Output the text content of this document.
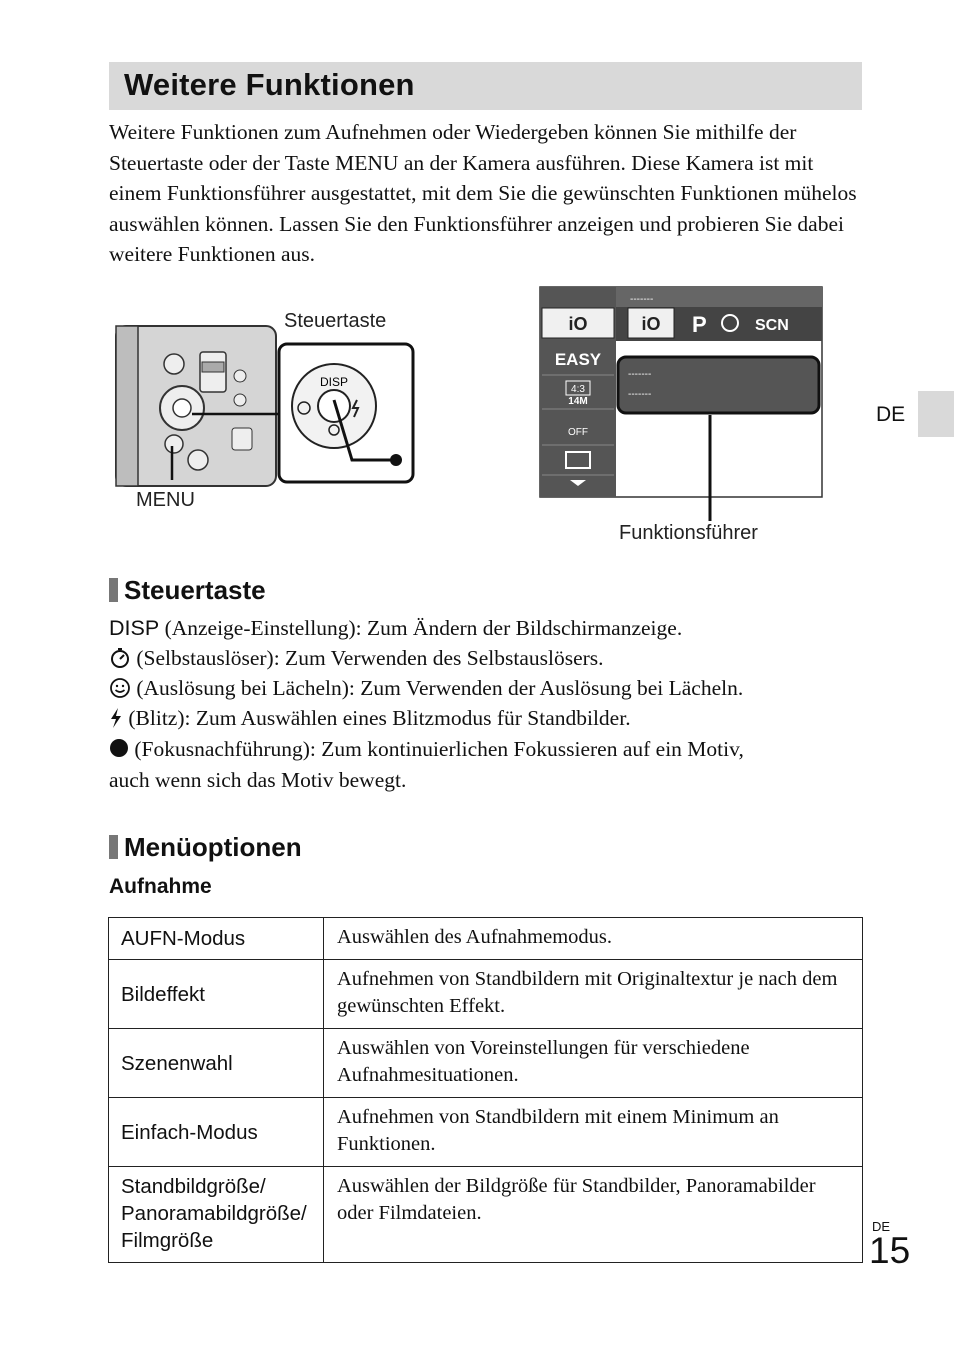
Weitere Funktionen

Weitere Funktionen zum Aufnehmen oder Wiedergeben können Sie mithilfe der Steuertaste oder der Taste MENU an der Kamera ausführen. Diese Kamera ist mit einem Funktionsführer ausgestattet, mit dem Sie die gewünschten Funktionen mühelos auswählen können. Lassen Sie den Funktionsführer anzeigen und probieren Sie dabei weitere Funktionen aus.

DE
DISP
Steuertaste
MENU
iO	iO P	SCN
-------
-------
EASY
4:3
14M
OFF
-------
-------
Funktionsführer
Steuertaste
DISP (Anzeige-Einstellung): Zum Ändern der Bildschirmanzeige.
(Selbstauslöser): Zum Verwenden des Selbstauslösers.
(Auslösung bei Lächeln): Zum Verwenden der Auslösung bei Lächeln.
(Blitz): Zum Auswählen eines Blitzmodus für Standbilder.
(Fokusnachführung): Zum kontinuierlichen Fokussieren auf ein Motiv,
auch wenn sich das Motiv bewegt.
Menüoptionen
Aufnahme
AUFN-Modus	Auswählen des Aufnahmemodus.
Bildeffekt	Aufnehmen von Standbildern mit Originaltextur je nach dem gewünschten Effekt.
Szenenwahl	Auswählen von Voreinstellungen für verschiedene Aufnahmesituationen.
Einfach-Modus	Aufnehmen von Standbildern mit einem Minimum an Funktionen.
Standbildgröße/ Panoramabildgröße/ Filmgröße	Auswählen der Bildgröße für Standbilder, Panoramabilder oder Filmdateien.
DE
15
